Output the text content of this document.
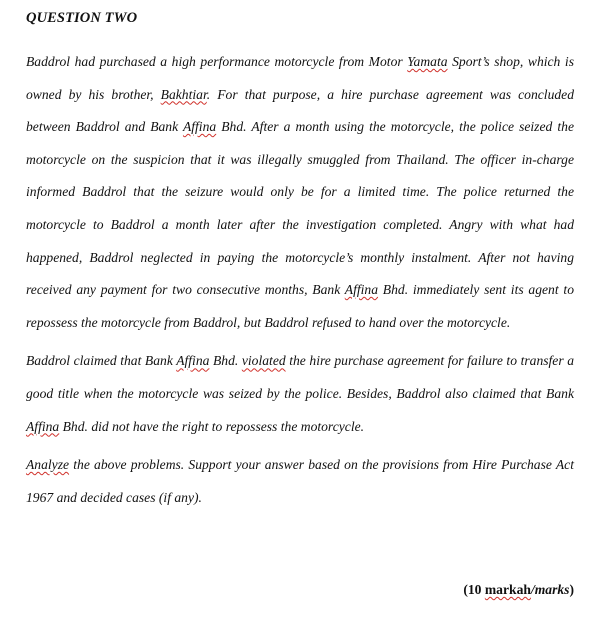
QUESTION TWO

Baddrol had purchased a high performance motorcycle from Motor Yamata Sport’s shop, which is owned by his brother, Bakhtiar. For that purpose, a hire purchase agreement was concluded between Baddrol and Bank Affina Bhd. After a month using the motorcycle, the police seized the motorcycle on the suspicion that it was illegally smuggled from Thailand. The officer in-charge informed Baddrol that the seizure would only be for a limited time. The police returned the motorcycle to Baddrol a month later after the investigation completed. Angry with what had happened, Baddrol neglected in paying the motorcycle’s monthly instalment. After not having received any payment for two consecutive months, Bank Affina Bhd. immediately sent its agent to repossess the motorcycle from Baddrol, but Baddrol refused to hand over the motorcycle.

Baddrol claimed that Bank Affina Bhd. violated the hire purchase agreement for failure to transfer a good title when the motorcycle was seized by the police. Besides, Baddrol also claimed that Bank Affina Bhd. did not have the right to repossess the motorcycle.

Analyze the above problems. Support your answer based on the provisions from Hire Purchase Act 1967 and decided cases (if any).

(10 markah/marks)
